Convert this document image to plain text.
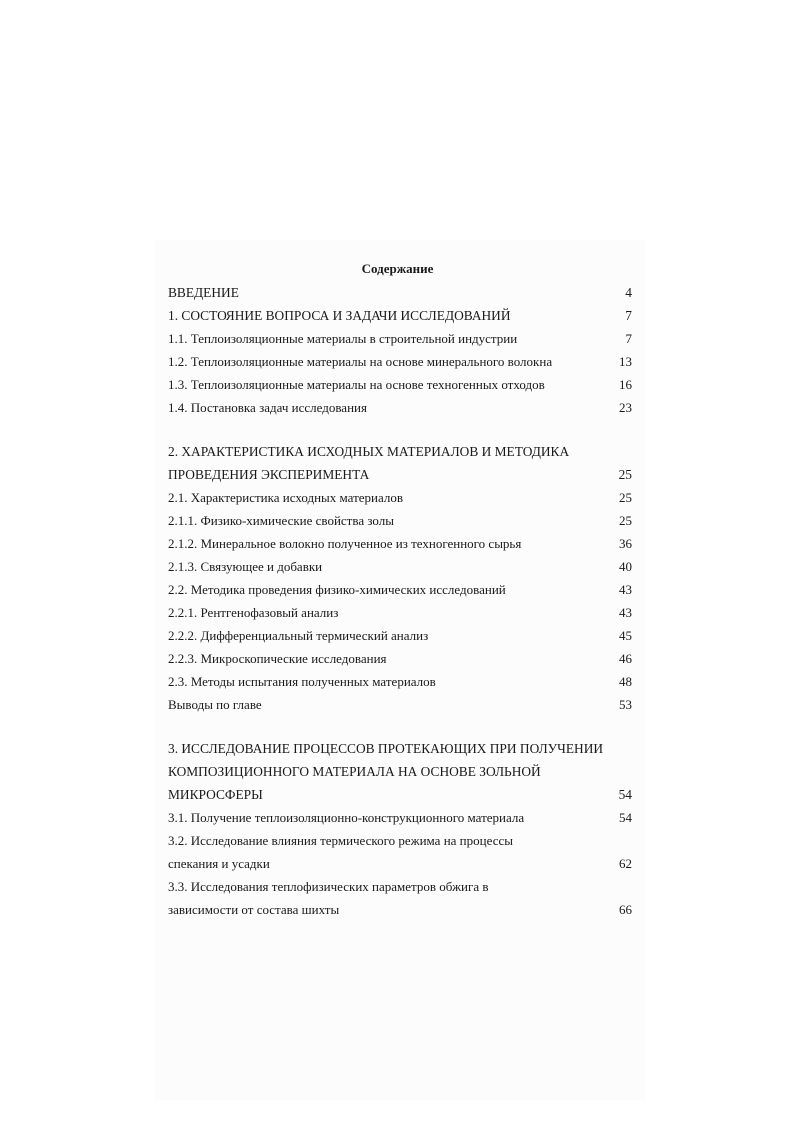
Содержание
ВВЕДЕНИЕ	4
1. СОСТОЯНИЕ ВОПРОСА И ЗАДАЧИ ИССЛЕДОВАНИЙ	7
1.1. Теплоизоляционные материалы в строительной индустрии	7
1.2. Теплоизоляционные материалы на основе минерального волокна	13
1.3. Теплоизоляционные материалы на основе техногенных отходов	16
1.4. Постановка задач исследования	23
2. ХАРАКТЕРИСТИКА ИСХОДНЫХ МАТЕРИАЛОВ И МЕТОДИКА
ПРОВЕДЕНИЯ ЭКСПЕРИМЕНТА	25
2.1. Характеристика исходных материалов	25
2.1.1. Физико-химические свойства золы	25
2.1.2. Минеральное волокно полученное из техногенного сырья	36
2.1.3. Связующее и добавки	40
2.2. Методика проведения физико-химических исследований	43
2.2.1. Рентгенофазовый анализ	43
2.2.2. Дифференциальный термический анализ	45
2.2.3. Микроскопические исследования	46
2.3. Методы испытания полученных материалов	48
Выводы по главе	53
3. ИССЛЕДОВАНИЕ ПРОЦЕССОВ ПРОТЕКАЮЩИХ ПРИ ПОЛУЧЕНИИ
КОМПОЗИЦИОННОГО МАТЕРИАЛА НА ОСНОВЕ ЗОЛЬНОЙ
МИКРОСФЕРЫ	54
3.1. Получение теплоизоляционно-конструкционного материала	54
3.2. Исследование влияния термического режима на процессы
спекания и усадки	62
3.3. Исследования теплофизических параметров обжига в
зависимости от состава шихты	66
